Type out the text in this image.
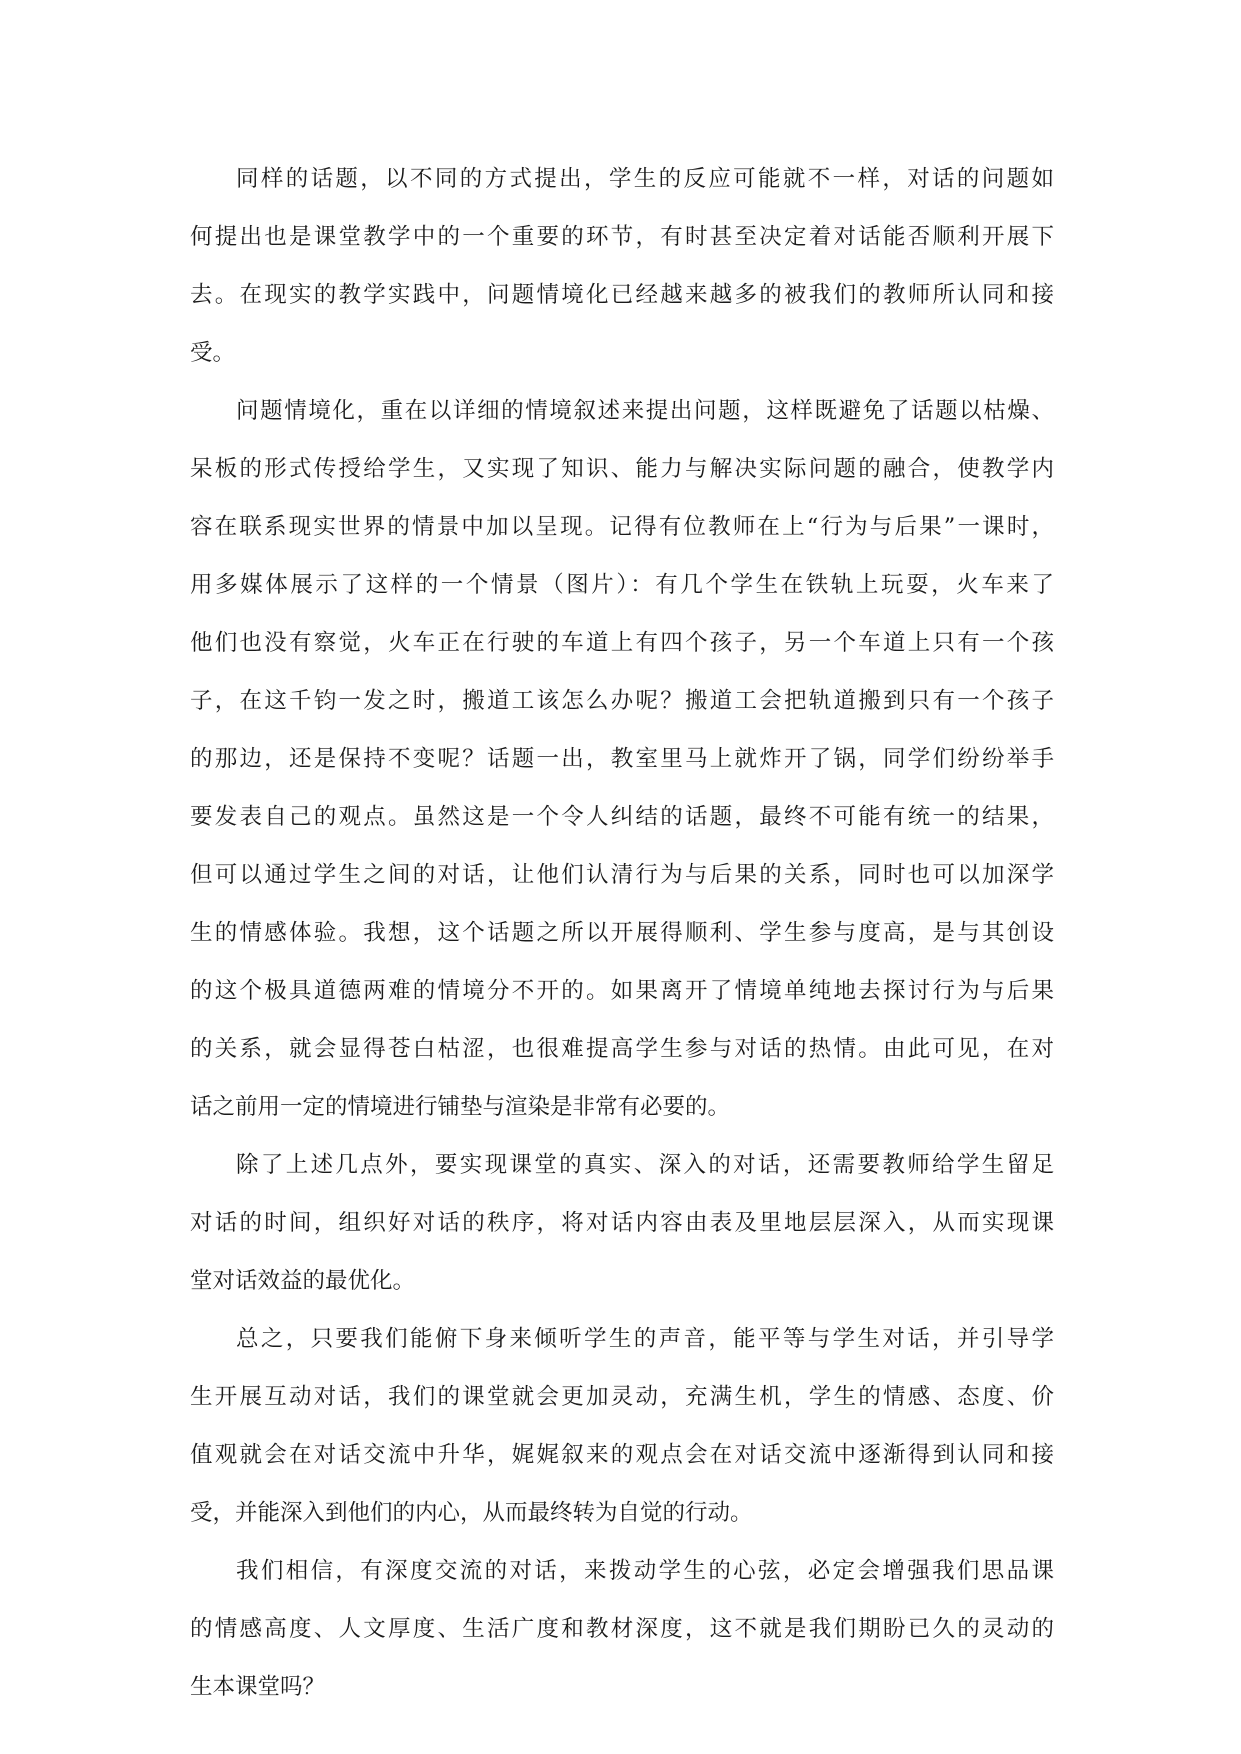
同样的话题，以不同的方式提出，学生的反应可能就不一样，对话的问题如
何提出也是课堂教学中的一个重要的环节，有时甚至决定着对话能否顺利开展下
去。在现实的教学实践中，问题情境化已经越来越多的被我们的教师所认同和接
受。
问题情境化，重在以详细的情境叙述来提出问题，这样既避免了话题以枯燥、
呆板的形式传授给学生，又实现了知识、能力与解决实际问题的融合，使教学内
容在联系现实世界的情景中加以呈现。记得有位教师在上“行为与后果”一课时，
用多媒体展示了这样的一个情景（图片）：有几个学生在铁轨上玩耍，火车来了
他们也没有察觉，火车正在行驶的车道上有四个孩子，另一个车道上只有一个孩
子，在这千钧一发之时，搬道工该怎么办呢？搬道工会把轨道搬到只有一个孩子
的那边，还是保持不变呢？话题一出，教室里马上就炸开了锅，同学们纷纷举手
要发表自己的观点。虽然这是一个令人纠结的话题，最终不可能有统一的结果，
但可以通过学生之间的对话，让他们认清行为与后果的关系，同时也可以加深学
生的情感体验。我想，这个话题之所以开展得顺利、学生参与度高，是与其创设
的这个极具道德两难的情境分不开的。如果离开了情境单纯地去探讨行为与后果
的关系，就会显得苍白枯涩，也很难提高学生参与对话的热情。由此可见，在对
话之前用一定的情境进行铺垫与渲染是非常有必要的。
除了上述几点外，要实现课堂的真实、深入的对话，还需要教师给学生留足
对话的时间，组织好对话的秩序，将对话内容由表及里地层层深入，从而实现课
堂对话效益的最优化。
总之，只要我们能俯下身来倾听学生的声音，能平等与学生对话，并引导学
生开展互动对话，我们的课堂就会更加灵动，充满生机，学生的情感、态度、价
值观就会在对话交流中升华，娓娓叙来的观点会在对话交流中逐渐得到认同和接
受，并能深入到他们的内心，从而最终转为自觉的行动。
我们相信，有深度交流的对话，来拨动学生的心弦，必定会增强我们思品课
的情感高度、人文厚度、生活广度和教材深度，这不就是我们期盼已久的灵动的
生本课堂吗？
